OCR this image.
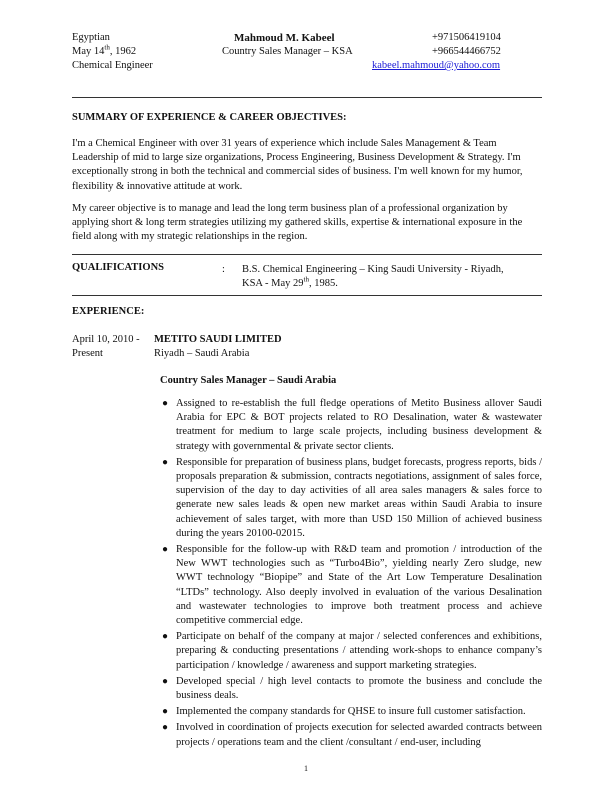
Egyptian
May 14th, 1962
Chemical Engineer
Mahmoud M. Kabeel
Country Sales Manager – KSA
+971506419104
+966544466752
kabeel.mahmoud@yahoo.com
SUMMARY OF EXPERIENCE & CAREER OBJECTIVES:
I'm a Chemical Engineer with over 31 years of experience which include Sales Management & Team Leadership of mid to large size organizations, Process Engineering, Business Development & Strategy. I'm exceptionally strong in both the technical and commercial sides of business. I'm well known for my humor, flexibility & innovative attitude at work.
My career objective is to manage and lead the long term business plan of a professional organization by applying short & long term strategies utilizing my gathered skills, expertise & international exposure in the field along with my strategic relationships in the region.
QUALIFICATIONS	: B.S. Chemical Engineering – King Saudi University - Riyadh,
KSA - May 29th, 1985.
EXPERIENCE:
April 10, 2010 -
Present
METITO SAUDI LIMITED
Riyadh – Saudi Arabia
Country Sales Manager – Saudi Arabia
● Assigned to re-establish the full fledge operations of Metito Business allover Saudi Arabia for EPC & BOT projects related to RO Desalination, water & wastewater treatment for medium to large scale projects, including business development & strategy with governmental & private sector clients.
● Responsible for preparation of business plans, budget forecasts, progress reports, bids / proposals preparation & submission, contracts negotiations, assignment of sales force, supervision of the day to day activities of all area sales managers & sales force to generate new sales leads & open new market areas within Saudi Arabia to insure achievement of sales target, with more than USD 150 Million of achieved business during the years 20100-02015.
● Responsible for the follow-up with R&D team and promotion / introduction of the New WWT technologies such as “Turbo4Bio”, yielding nearly Zero sludge, new WWT technology “Biopipe” and State of the Art Low Temperature Desalination “LTDs” technology. Also deeply involved in evaluation of the various Desalination and wastewater technologies to improve both treatment process and achieve competitive commercial edge.
● Participate on behalf of the company at major / selected conferences and exhibitions, preparing & conducting presentations / attending work-shops to enhance company’s participation / knowledge / awareness and support marketing strategies.
● Developed special / high level contacts to promote the business and conclude the business deals.
● Implemented the company standards for QHSE to insure full customer satisfaction.
● Involved in coordination of projects execution for selected awarded contracts between projects / operations team and the client /consultant / end-user, including
1
